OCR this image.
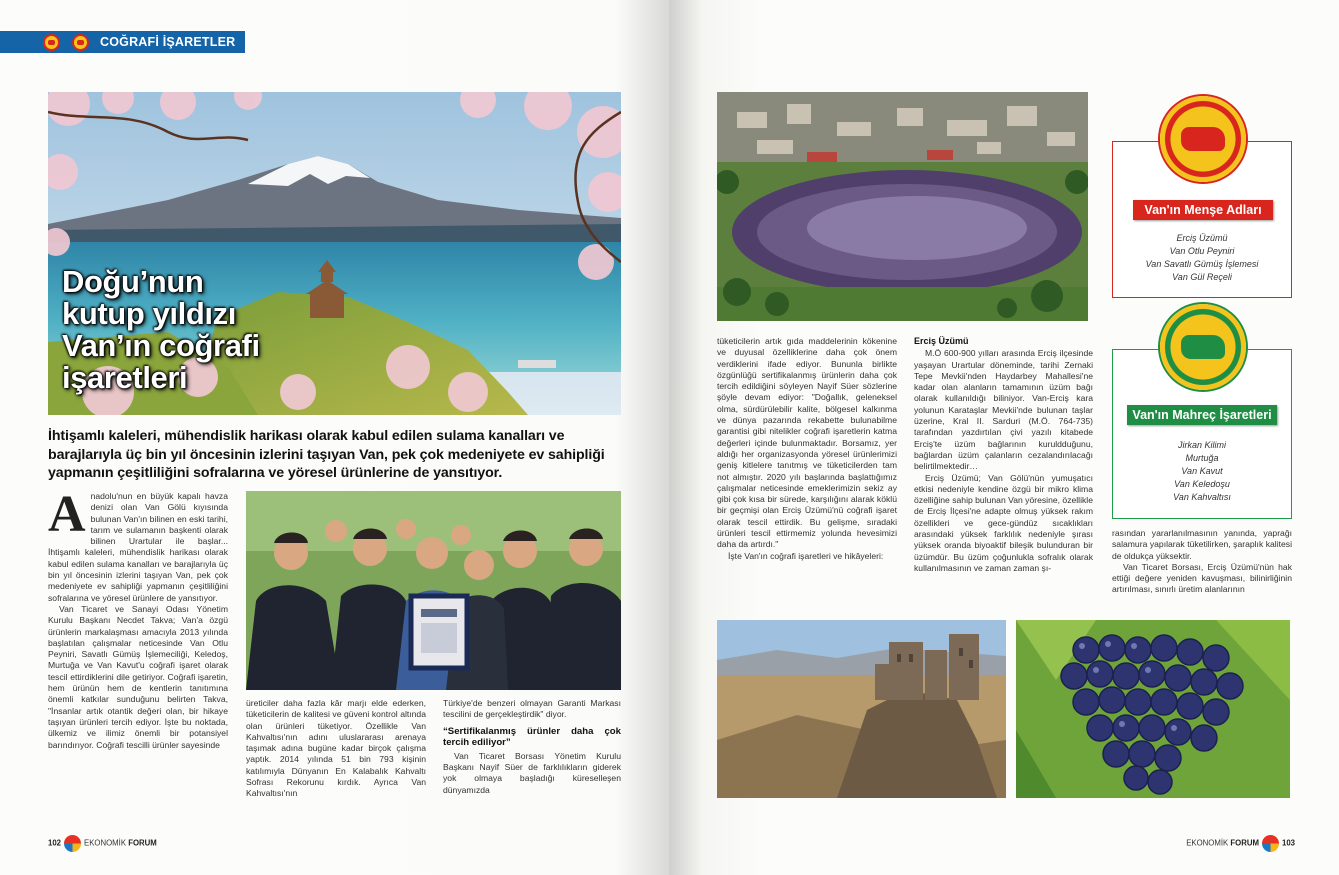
COĞRAFİ İŞARETLER
Doğu’nun
kutup yıldızı
Van’ın coğrafi
işaretleri
İhtişamlı kaleleri, mühendislik harikası olarak kabul edilen sulama kanalları ve barajlarıyla üç bin yıl öncesinin izlerini taşıyan Van, pek çok medeniyete ev sahipliği yapmanın çeşitliliğini sofralarına ve yöresel ürünlerine de yansıtıyor.

Anadolu'nun en büyük kapalı havza denizi olan Van Gölü kıyısında bulunan Van'ın bilinen en eski tarihi, tarım ve sulamanın başkenti olarak bilinen Urartular ile başlar... İhtişamlı kaleleri, mühendislik harikası olarak kabul edilen sulama kanalları ve barajlarıyla üç bin yıl öncesinin izlerini taşıyan Van, pek çok medeniyete ev sahipliği yapmanın çeşitliliğini sofralarına ve yöresel ürünlere de yansıtıyor.

Van Ticaret ve Sanayi Odası Yönetim Kurulu Başkanı Necdet Takva; Van'a özgü ürünlerin markalaşması amacıyla 2013 yılında başlatılan çalışmalar neticesinde Van Otlu Peyniri, Savatlı Gümüş İşlemeciliği, Keledoş, Murtuğa ve Van Kavut'u coğrafi işaret olarak tescil ettirdiklerini dile getiriyor. Coğrafi işaretin, hem ürünün hem de kentlerin tanıtımına önemli katkılar sunduğunu belirten Takva, "İnsanlar artık otantik değeri olan, bir hikaye taşıyan ürünleri tercih ediyor. İşte bu noktada, ülkemiz ve ilimiz önemli bir potansiyel barındırıyor. Coğrafi tescilli ürünler sayesinde

üreticiler daha fazla kâr marjı elde ederken, tüketicilerin de kalitesi ve güveni kontrol altında olan ürünleri tüketiyor. Özellikle Van Kahvaltısı'nın adını uluslararası arenaya taşımak adına bugüne kadar birçok çalışma yaptık. 2014 yılında 51 bin 793 kişinin katılımıyla Dünyanın En Kalabalık Kahvaltı Sofrası Rekorunu kırdık. Ayrıca Van Kahvaltısı'nın

Türkiye'de benzeri olmayan Garanti Markası tescilini de gerçekleştirdik" diyor.

“Sertifikalanmış ürünler daha çok tercih ediliyor”

Van Ticaret Borsası Yönetim Kurulu Başkanı Nayif Süer de farklılıkların giderek yok olmaya başladığı küreselleşen dünyamızda

102	EKONOMİK FORUM
Van'ın Menşe Adları
Erciş Üzümü
Van Otlu Peyniri
Van Savatlı Gümüş İşlemesi
Van Gül Reçeli
Van'ın Mahreç İşaretleri
Jirkan Kilimi
Murtuğa
Van Kavut
Van Keledoşu
Van Kahvaltısı

tüketicilerin artık gıda maddelerinin kökenine ve duyusal özelliklerine daha çok önem verdiklerini ifade ediyor. Bununla birlikte özgünlüğü sertifikalanmış ürünlerin daha çok tercih edildiğini söyleyen Nayif Süer sözlerine şöyle devam ediyor: "Doğallık, geleneksel olma, sürdürülebilir kalite, bölgesel kalkınma ve dünya pazarında rekabette bulunabilme garantisi gibi nitelikler coğrafi işaretlerin katma değerleri içinde bulunmaktadır. Borsamız, yer aldığı her organizasyonda yöresel ürünlerimizi geniş kitlelere tanıtmış ve tüketicilerden tam not almıştır. 2020 yılı başlarında başlattığımız çalışmalar neticesinde emeklerimizin sekiz ay gibi çok kısa bir sürede, karşılığını alarak köklü bir geçmişi olan Erciş Üzümü'nü coğrafi işaret olarak tescil ettirdik. Bu gelişme, sıradaki ürünleri tescil ettirmemiz yolunda hevesimizi daha da artırdı."

İşte Van'ın coğrafi işaretleri ve hikâyeleri:

Erciş Üzümü

M.Ö 600-900 yılları arasında Erciş ilçesinde yaşayan Urartular döneminde, tarihi Zernaki Tepe Mevkii'nden Haydarbey Mahallesi'ne kadar olan alanların tamamının üzüm bağı olarak kullanıldığı biliniyor. Van-Erciş kara yolunun Karataşlar Mevkii'nde bulunan taşlar üzerine, Kral II. Sarduri (M.Ö. 764-735) tarafından yazdırtılan çivi yazılı kitabede Erciş'te üzüm bağlarının kuruldduğunu, bağlardan üzüm çalanların cezalandırılacağı belirtilmektedir…

Erciş Üzümü; Van Gölü'nün yumuşatıcı etkisi nedeniyle kendine özgü bir mikro klima özelliğine sahip bulunan Van yöresine, özellikle de Erciş İlçesi'ne adapte olmuş yüksek rakım özellikleri ve gece-gündüz sıcaklıkları arasındaki yüksek farklılık nedeniyle şırası yüksek oranda biyoaktif bileşik bulunduran bir üzümdür. Bu üzüm çoğunlukla sofralık olarak kullanılmasının ve zaman zaman şı-

rasından yararlanılmasının yanında, yaprağı salamura yapılarak tüketilirken, şaraplık kalitesi de oldukça yüksektir.

Van Ticaret Borsası, Erciş Üzümü'nün hak ettiği değere yeniden kavuşması, bilinirliğinin artırılması, sınırlı üretim alanlarının

EKONOMİK FORUM	103
